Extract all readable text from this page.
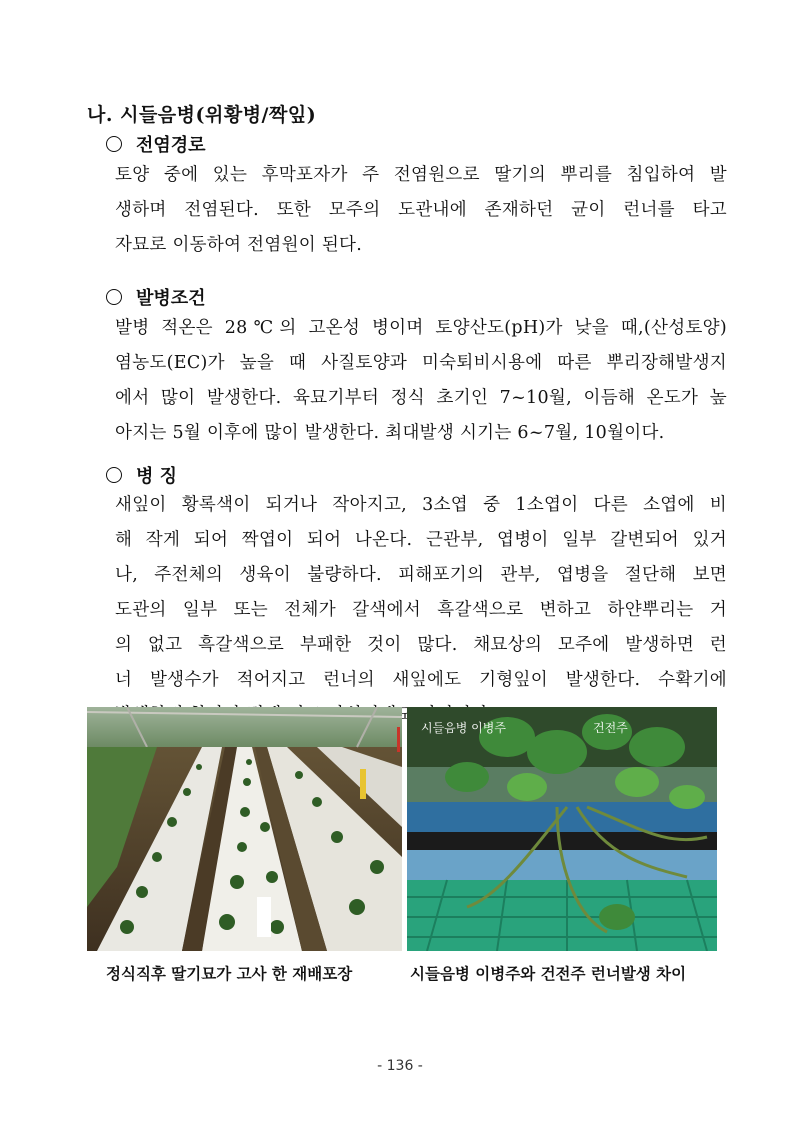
나. 시들음병(위황병/짝잎)
전염경로
토양 중에 있는 후막포자가 주 전염원으로 딸기의 뿌리를 침입하여 발
생하며 전염된다. 또한 모주의 도관내에 존재하던 균이 런너를 타고
자묘로 이동하여 전염원이 된다.
발병조건
발병 적온은 28℃의 고온성 병이며 토양산도(pH)가 낮을 때,(산성토양)
염농도(EC)가 높을 때 사질토양과 미숙퇴비시용에 따른 뿌리장해발생지
에서 많이 발생한다. 육묘기부터 정식 초기인 7~10월, 이듬해 온도가 높
아지는 5월 이후에 많이 발생한다. 최대발생 시기는 6~7월, 10월이다.
병 징
새잎이 황록색이 되거나 작아지고, 3소엽 중 1소엽이 다른 소엽에 비
해 작게 되어 짝엽이 되어 나온다. 근관부, 엽병이 일부 갈변되어 있거
나, 주전체의 생육이 불량하다. 피해포기의 관부, 엽병을 절단해 보면
도관의 일부 또는 전체가 갈색에서 흑갈색으로 변하고 하얀뿌리는 거
의 없고 흑갈색으로 부패한 것이 많다. 채묘상의 모주에 발생하면 런
너 발생수가 적어지고 런너의 새잎에도 기형잎이 발생한다. 수확기에
시들음병 이병주	건전주
정식직후 딸기묘가 고사 한 재배포장	시들음병 이병주와 건전주 런너발생 차이
- 136 -
